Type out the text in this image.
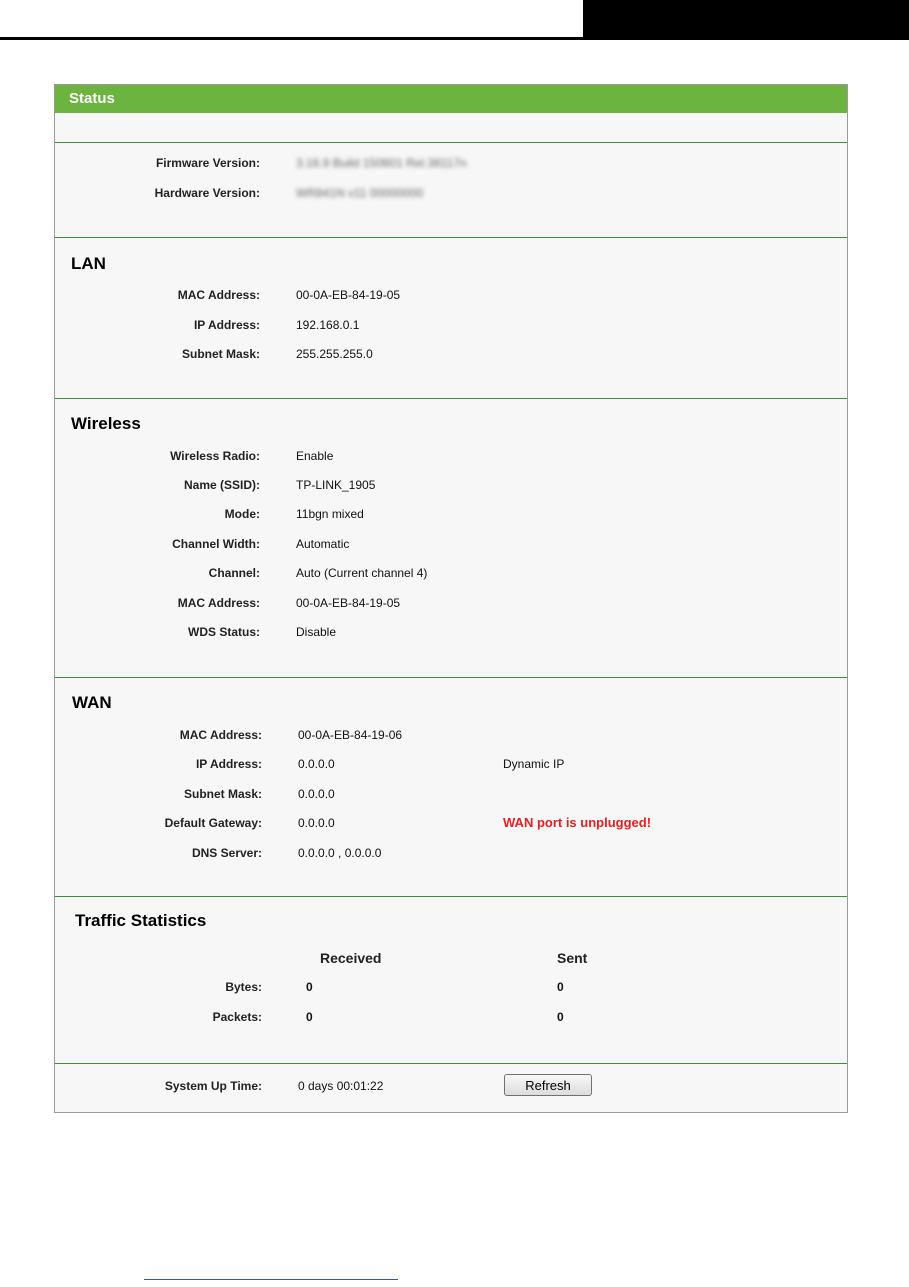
Status
Firmware Version:	3.16.9 Build 150601 Rel.38117n
Hardware Version:	WR841N v11 00000000
LAN
MAC Address:	00-0A-EB-84-19-05
IP Address:	192.168.0.1
Subnet Mask:	255.255.255.0
Wireless
Wireless Radio:	Enable
Name (SSID):	TP-LINK_1905
Mode:	11bgn mixed
Channel Width:	Automatic
Channel:	Auto (Current channel 4)
MAC Address:	00-0A-EB-84-19-05
WDS Status:	Disable
WAN
MAC Address:	00-0A-EB-84-19-06
IP Address:	0.0.0.0	Dynamic IP
Subnet Mask:	0.0.0.0
Default Gateway:	0.0.0.0	WAN port is unplugged!
DNS Server:	0.0.0.0 , 0.0.0.0
Traffic Statistics
Received	Sent
Bytes:	0	0
Packets:	0	0
System Up Time:	0 days 00:01:22	Refresh
